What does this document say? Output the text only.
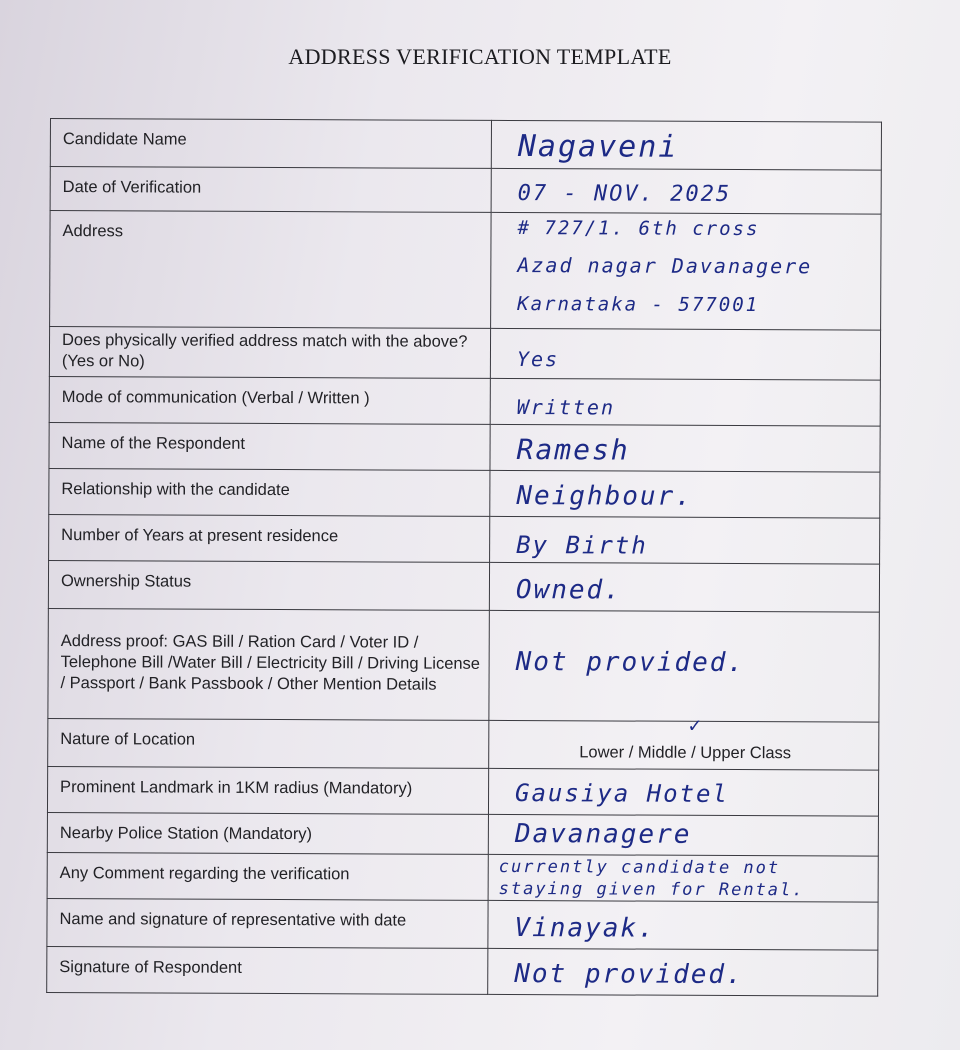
ADDRESS VERIFICATION TEMPLATE
Candidate Name	Nagaveni

Date of Verification	07 - NOV. 2025

Address	# 727/1. 6th cross
Azad nagar Davanagere
Karnataka - 577001

Does physically verified address match with the above?(Yes or No)	Yes

Mode of communication (Verbal / Written )	Written

Name of the Respondent	Ramesh

Relationship with the candidate	Neighbour.

Number of Years at present residence	By Birth

Ownership Status	Owned.

Address proof: GAS Bill / Ration Card / Voter ID / Telephone Bill /Water Bill / Electricity Bill / Driving License / Passport / Bank Passbook / Other Mention Details	Not provided.

Nature of Location	✓
Lower / Middle / Upper Class

Prominent Landmark in 1KM radius (Mandatory)	Gausiya Hotel

Nearby Police Station (Mandatory)	Davanagere

Any Comment regarding the verification	currently candidate not
staying given for Rental.

Name and signature of representative with date	Vinayak.

Signature of Respondent	Not provided.
